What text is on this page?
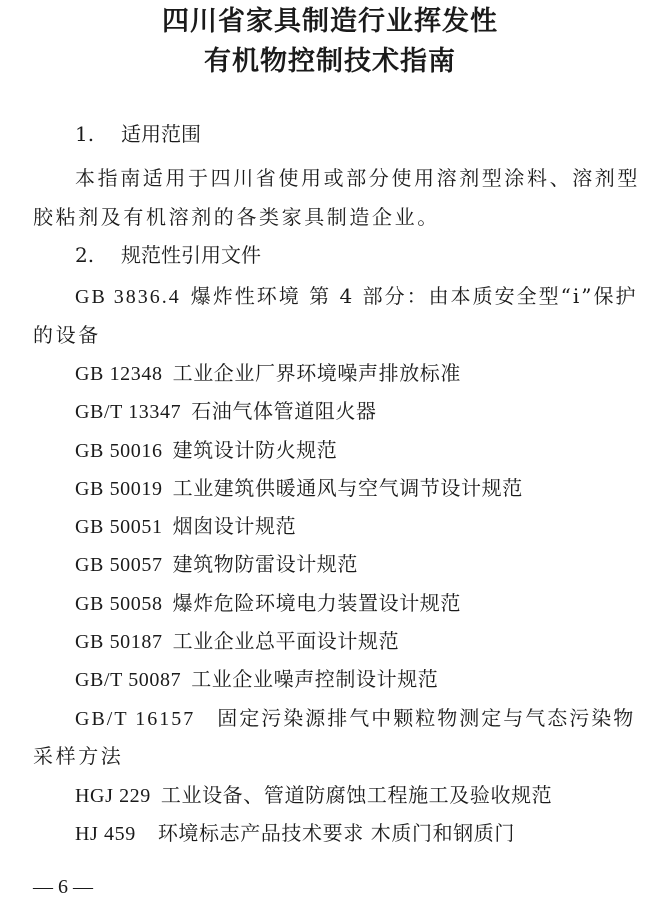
四川省家具制造行业挥发性
有机物控制技术指南
1. 适用范围
本指南适用于四川省使用或部分使用溶剂型涂料、溶剂型
胶粘剂及有机溶剂的各类家具制造企业。
2. 规范性引用文件
GB 3836.4 爆炸性环境 第 4 部分：由本质安全型“i”保护
的设备
GB 12348 工业企业厂界环境噪声排放标准
GB/T 13347 石油气体管道阻火器
GB 50016 建筑设计防火规范
GB 50019 工业建筑供暖通风与空气调节设计规范
GB 50051 烟囱设计规范
GB 50057 建筑物防雷设计规范
GB 50058 爆炸危险环境电力装置设计规范
GB 50187 工业企业总平面设计规范
GB/T 50087 工业企业噪声控制设计规范
GB/T 16157 固定污染源排气中颗粒物测定与气态污染物
采样方法
HGJ 229 工业设备、管道防腐蚀工程施工及验收规范
HJ 459 环境标志产品技术要求 木质门和钢质门
— 6 —
